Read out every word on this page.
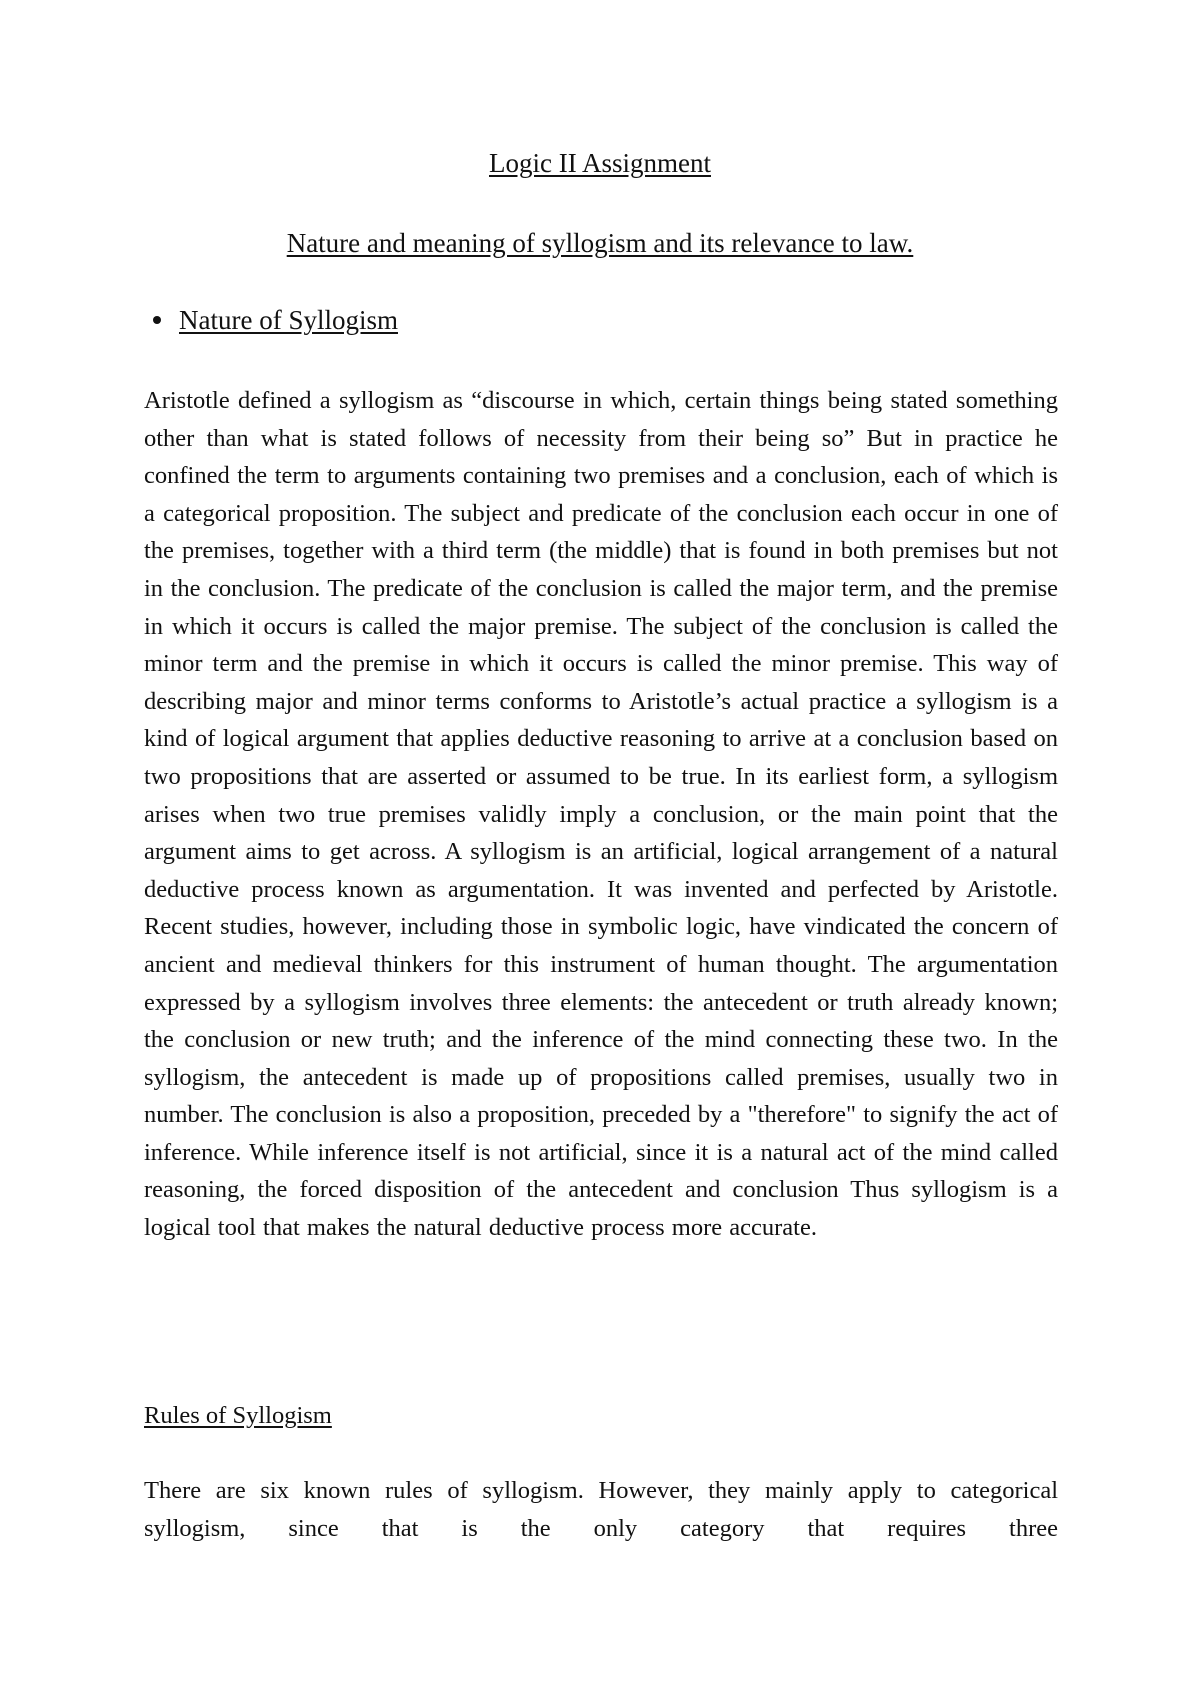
Logic II Assignment
Nature and meaning of syllogism and its relevance to law.
Nature of Syllogism

Aristotle defined a syllogism as “discourse in which, certain things being stated something other than what is stated follows of necessity from their being so” But in practice he confined the term to arguments containing two premises and a conclusion, each of which is a categorical proposition. The subject and predicate of the conclusion each occur in one of the premises, together with a third term (the middle) that is found in both premises but not in the conclusion. The predicate of the conclusion is called the major term, and the premise in which it occurs is called the major premise. The subject of the conclusion is called the minor term and the premise in which it occurs is called the minor premise. This way of describing major and minor terms conforms to Aristotle’s actual practice a syllogism is a kind of logical argument that applies deductive reasoning to arrive at a conclusion based on two propositions that are asserted or assumed to be true. In its earliest form, a syllogism arises when two true premises validly imply a conclusion, or the main point that the argument aims to get across. A syllogism is an artificial, logical arrangement of a natural deductive process known as argumentation. It was invented and perfected by Aristotle. Recent studies, however, including those in symbolic logic, have vindicated the concern of ancient and medieval thinkers for this instrument of human thought. The argumentation expressed by a syllogism involves three elements: the antecedent or truth already known; the conclusion or new truth; and the inference of the mind connecting these two. In the syllogism, the antecedent is made up of propositions called premises, usually two in number. The conclusion is also a proposition, preceded by a "therefore" to signify the act of inference. While inference itself is not artificial, since it is a natural act of the mind called reasoning, the forced disposition of the antecedent and conclusion Thus syllogism is a logical tool that makes the natural deductive process more accurate.

Rules of Syllogism

There are six known rules of syllogism. However, they mainly apply to categorical syllogism, since that is the only category that requires three
